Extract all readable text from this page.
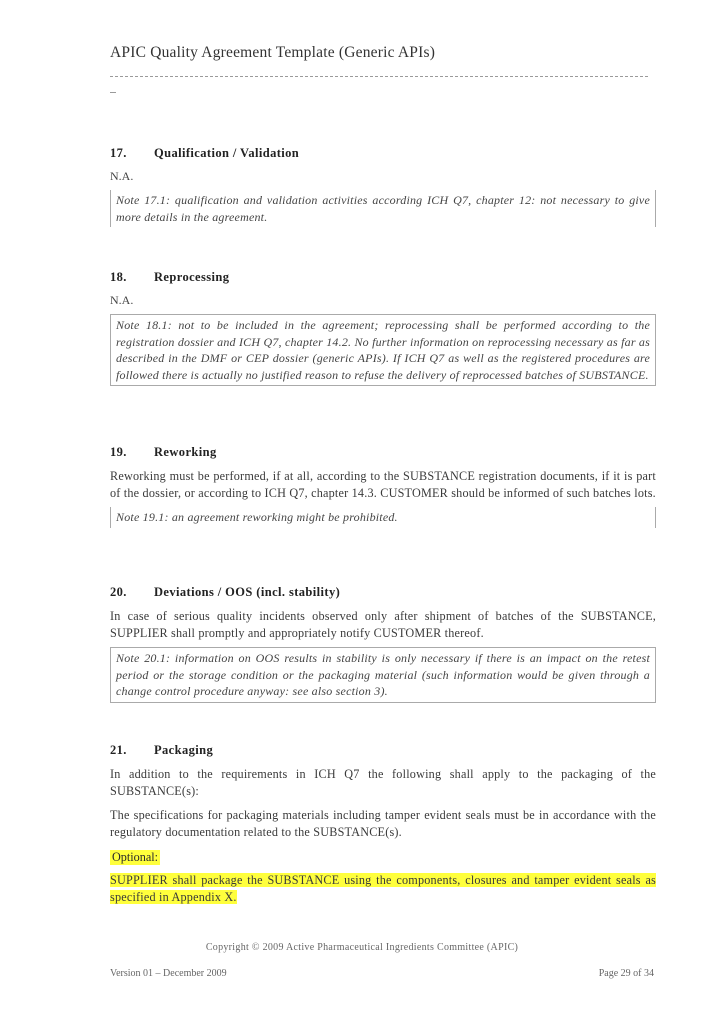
APIC Quality Agreement Template (Generic APIs)
17. Qualification / Validation
N.A.
Note 17.1: qualification and validation activities according ICH Q7, chapter 12: not necessary to give more details in the agreement.
18. Reprocessing
N.A.
Note 18.1: not to be included in the agreement; reprocessing shall be performed according to the registration dossier and ICH Q7, chapter 14.2. No further information on reprocessing necessary as far as described in the DMF or CEP dossier (generic APIs). If ICH Q7 as well as the registered procedures are followed there is actually no justified reason to refuse the delivery of reprocessed batches of SUBSTANCE.
19. Reworking
Reworking must be performed, if at all, according to the SUBSTANCE registration documents, if it is part of the dossier, or according to ICH Q7, chapter 14.3. CUSTOMER should be informed of such batches lots.
Note 19.1: an agreement reworking might be prohibited.
20. Deviations / OOS (incl. stability)
In case of serious quality incidents observed only after shipment of batches of the SUBSTANCE, SUPPLIER shall promptly and appropriately notify CUSTOMER thereof.
Note 20.1: information on OOS results in stability is only necessary if there is an impact on the retest period or the storage condition or the packaging material (such information would be given through a change control procedure anyway: see also section 3).
21. Packaging
In addition to the requirements in ICH Q7 the following shall apply to the packaging of the SUBSTANCE(s):
The specifications for packaging materials including tamper evident seals must be in accordance with the regulatory documentation related to the SUBSTANCE(s).
Optional:
SUPPLIER shall package the SUBSTANCE using the components, closures and tamper evident seals as specified in Appendix X.
Copyright © 2009 Active Pharmaceutical Ingredients Committee (APIC)
Version 01 – December 2009	Page 29 of 34
